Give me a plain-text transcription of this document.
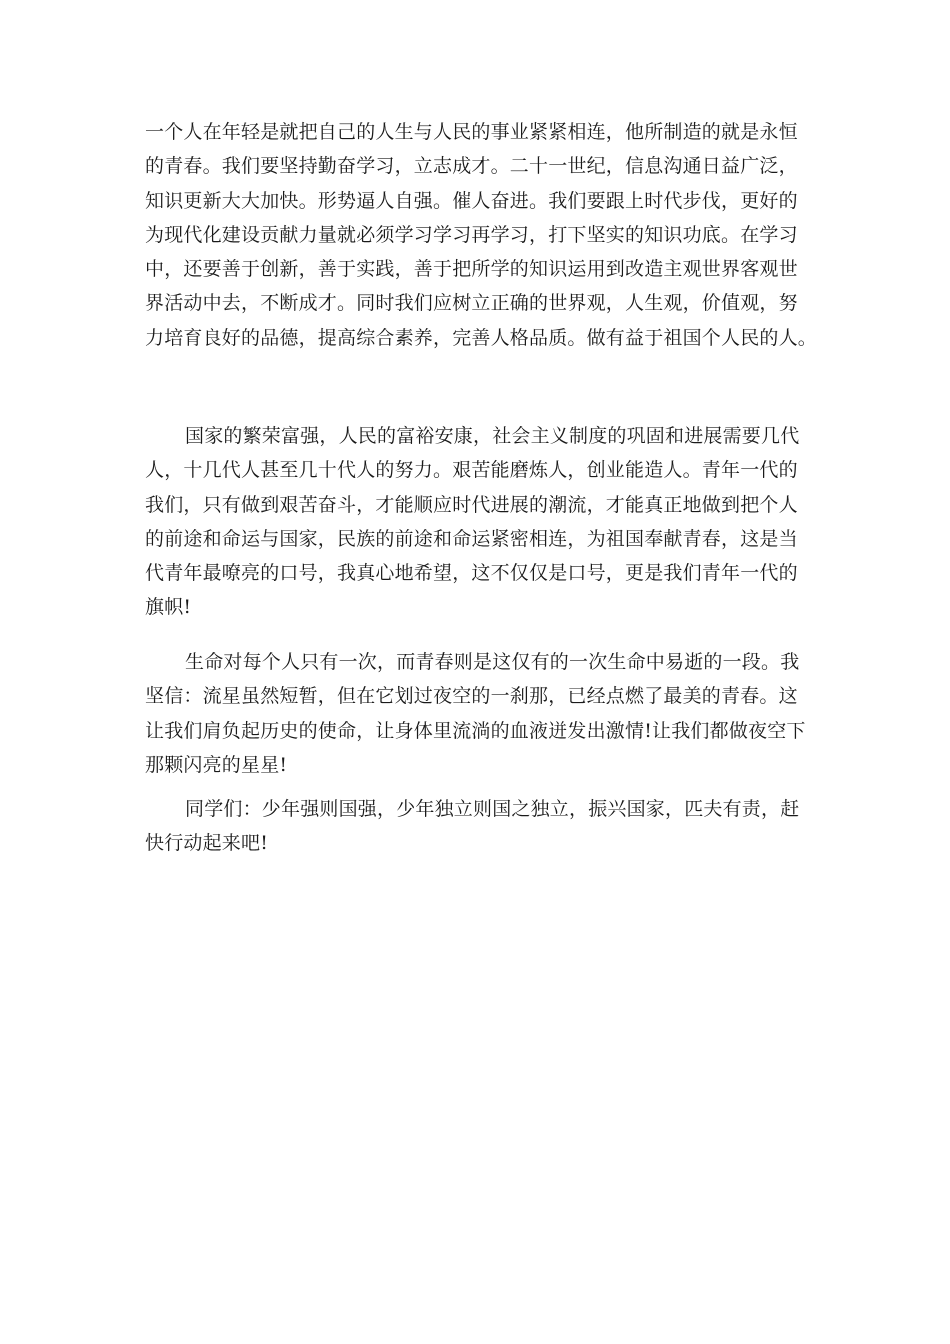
一个人在年轻是就把自己的人生与人民的事业紧紧相连，他所制造的就是永恒
的青春。我们要坚持勤奋学习，立志成才。二十一世纪，信息沟通日益广泛，
知识更新大大加快。形势逼人自强。催人奋进。我们要跟上时代步伐，更好的
为现代化建设贡献力量就必须学习学习再学习，打下坚实的知识功底。在学习
中，还要善于创新，善于实践，善于把所学的知识运用到改造主观世界客观世
界活动中去，不断成才。同时我们应树立正确的世界观，人生观，价值观，努
力培育良好的品德，提高综合素养，完善人格品质。做有益于祖国个人民的人。
国家的繁荣富强，人民的富裕安康，社会主义制度的巩固和进展需要几代
人，十几代人甚至几十代人的努力。艰苦能磨炼人，创业能造人。青年一代的
我们，只有做到艰苦奋斗，才能顺应时代进展的潮流，才能真正地做到把个人
的前途和命运与国家，民族的前途和命运紧密相连，为祖国奉献青春，这是当
代青年最嘹亮的口号，我真心地希望，这不仅仅是口号，更是我们青年一代的
旗帜!
生命对每个人只有一次，而青春则是这仅有的一次生命中易逝的一段。我
坚信：流星虽然短暂，但在它划过夜空的一刹那，已经点燃了最美的青春。这
让我们肩负起历史的使命，让身体里流淌的血液迸发出激情!让我们都做夜空下
那颗闪亮的星星!
同学们：少年强则国强，少年独立则国之独立，振兴国家，匹夫有责，赶
快行动起来吧!
